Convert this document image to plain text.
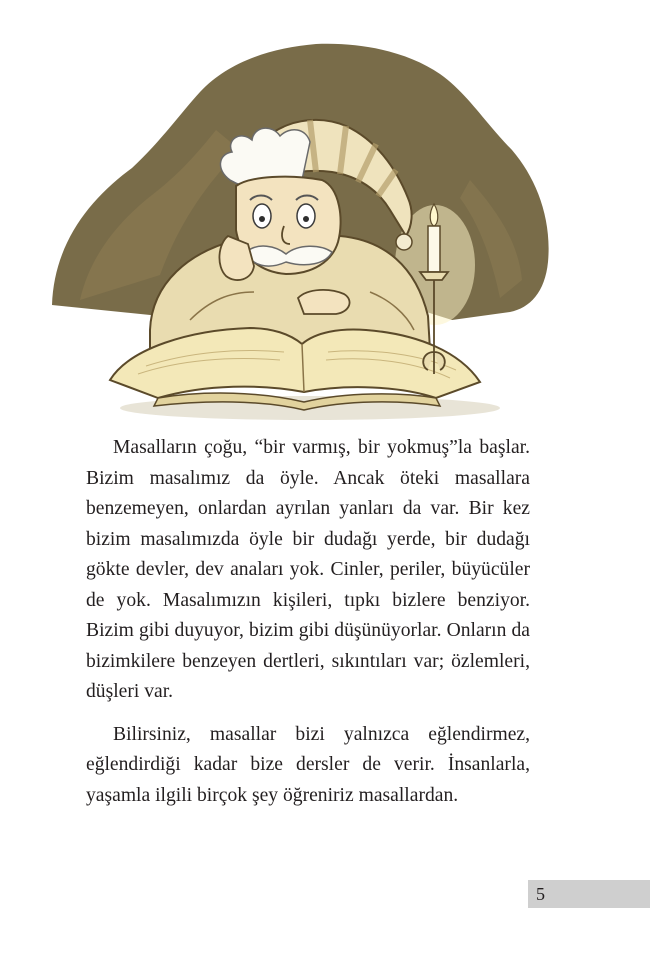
Masalların çoğu, “bir varmış, bir yokmuş”la başlar. Bizim masalımız da öyle. Ancak öteki masallara benzemeyen, onlardan ayrılan yanları da var. Bir kez bizim masalımızda öyle bir dudağı yerde, bir dudağı gökte devler, dev anaları yok. Cinler, periler, büyücüler de yok. Masalımızın kişileri, tıpkı bizlere benziyor. Bizim gibi duyuyor, bizim gibi düşünüyorlar. Onların da bizimkilere benzeyen dertleri, sıkıntıları var; özlemleri, düşleri var.

Bilirsiniz, masallar bizi yalnızca eğlendirmez, eğlendirdiği kadar bize dersler de verir. İnsanlarla, yaşamla ilgili birçok şey öğreniriz masallardan.

5
